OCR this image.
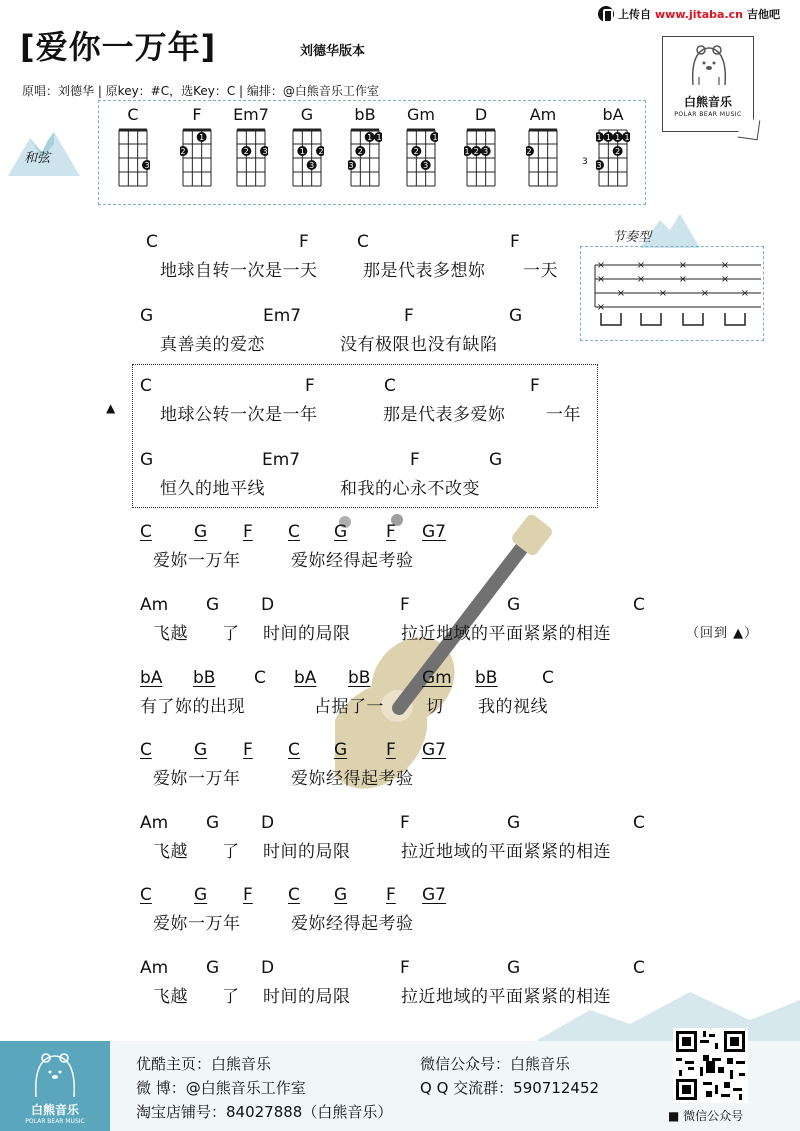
[爱你一万年]	刘德华版本
原唱：刘德华 | 原key：#C，选Key：C | 编排：@白熊音乐工作室
上传自 www.jitaba.cn 吉他吧
白熊音乐
POLAR BEAR MUSIC
和弦
C
3
F
1
2
Em7
2 3
G
1 2
3
bB
1 1
2
3
Gm
1
2
3
D
1 2 3
Am
2
bA
3
1 1 1 1
2
3
节奏型
×
×
×
×
×
×
×
×
×
×
×
×	×
▲
C	F	C	F
地球自转一次是一天	那是代表多想妳 一天
G	Em7	F	G
真善美的爱恋	没有极限也没有缺陷
C	F	C	F
地球公转一次是一年	那是代表多爱妳 一年
G	Em7	F	G
恒久的地平线	和我的心永不改变
C G F C G F G7
爱妳一万年	爱妳经得起考验
Am G D	F	G	C
飞越 了 时间的局限	拉近地域的平面紧紧的相连	（回到 ▲）
bA bB C bA bB	Gm bB	C
有了妳的出现	占据了一 切 我的视线
C G F C G F G7
爱妳一万年	爱妳经得起考验
Am G D	F	G	C
飞越 了 时间的局限	拉近地域的平面紧紧的相连
C G F C G F G7
爱妳一万年	爱妳经得起考验
Am G D	F	G	C
飞越 了 时间的局限	拉近地域的平面紧紧的相连
白熊音乐
POLAR BEAR MUSIC
优酷主页：白熊音乐
微 博：@白熊音乐工作室
淘宝店铺号：84027888（白熊音乐）
微信公众号：白熊音乐
Q Q 交流群：590712452
■ 微信公众号
